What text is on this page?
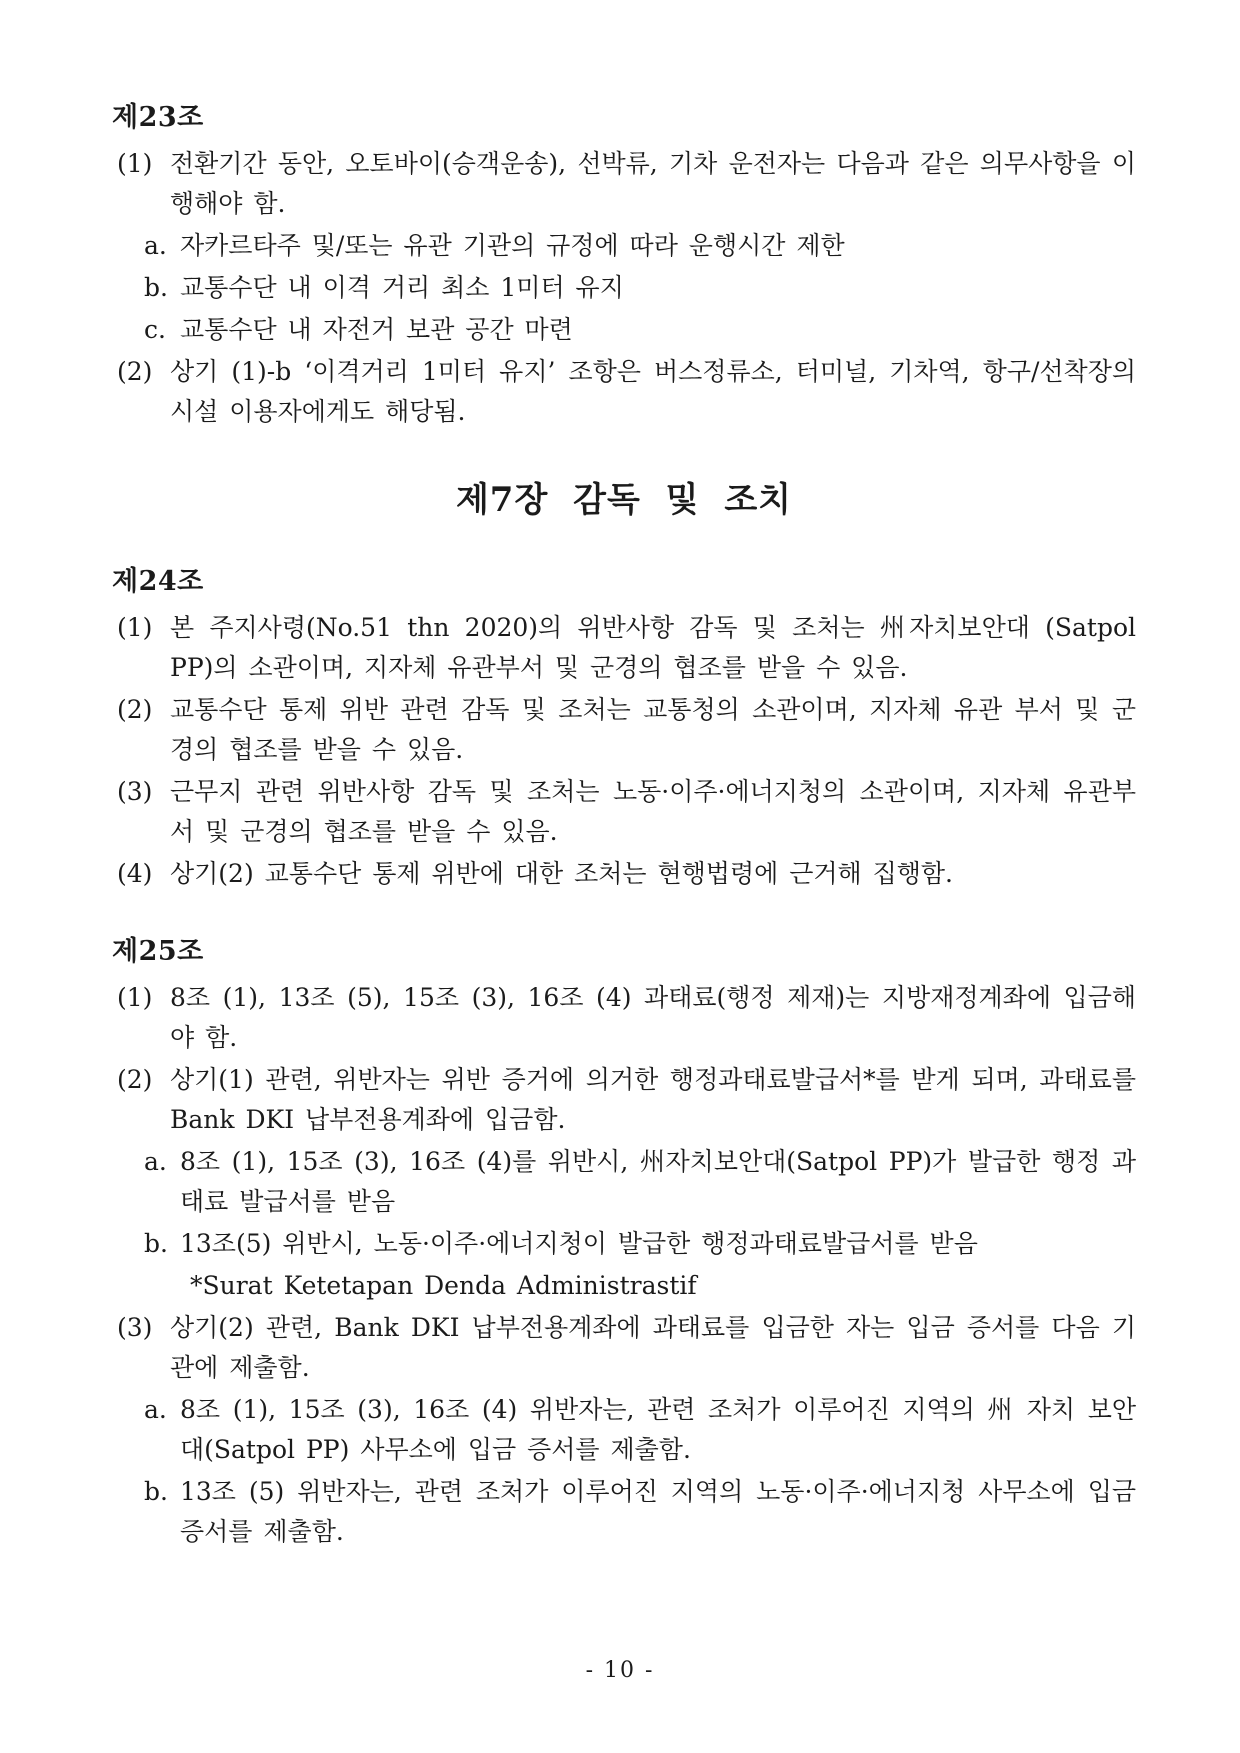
제23조
(1) 전환기간 동안, 오토바이(승객운송), 선박류, 기차 운전자는 다음과 같은 의무사항을 이행해야 함.
a. 자카르타주 및/또는 유관 기관의 규정에 따라 운행시간 제한
b. 교통수단 내 이격 거리 최소 1미터 유지
c. 교통수단 내 자전거 보관 공간 마련
(2) 상기 (1)-b ‘이격거리 1미터 유지’ 조항은 버스정류소, 터미널, 기차역, 항구/선착장의 시설 이용자에게도 해당됨.
제7장 감독 및 조치
제24조
(1) 본 주지사령(No.51 thn 2020)의 위반사항 감독 및 조처는 州자치보안대 (Satpol PP)의 소관이며, 지자체 유관부서 및 군경의 협조를 받을 수 있음.
(2) 교통수단 통제 위반 관련 감독 및 조처는 교통청의 소관이며, 지자체 유관 부서 및 군경의 협조를 받을 수 있음.
(3) 근무지 관련 위반사항 감독 및 조처는 노동·이주·에너지청의 소관이며, 지자체 유관부서 및 군경의 협조를 받을 수 있음.
(4) 상기(2) 교통수단 통제 위반에 대한 조처는 현행법령에 근거해 집행함.
제25조
(1) 8조 (1), 13조 (5), 15조 (3), 16조 (4) 과태료(행정 제재)는 지방재정계좌에 입금해야 함.
(2) 상기(1) 관련, 위반자는 위반 증거에 의거한 행정과태료발급서*를 받게 되며, 과태료를 Bank DKI 납부전용계좌에 입금함.
a. 8조 (1), 15조 (3), 16조 (4)를 위반시, 州자치보안대(Satpol PP)가 발급한 행정 과태료 발급서를 받음
b. 13조(5) 위반시, 노동·이주·에너지청이 발급한 행정과태료발급서를 받음
*Surat Ketetapan Denda Administrastif
(3) 상기(2) 관련, Bank DKI 납부전용계좌에 과태료를 입금한 자는 입금 증서를 다음 기관에 제출함.
a. 8조 (1), 15조 (3), 16조 (4) 위반자는, 관련 조처가 이루어진 지역의 州 자치 보안대(Satpol PP) 사무소에 입금 증서를 제출함.
b. 13조 (5) 위반자는, 관련 조처가 이루어진 지역의 노동·이주·에너지청 사무소에 입금 증서를 제출함.
- 10 -
